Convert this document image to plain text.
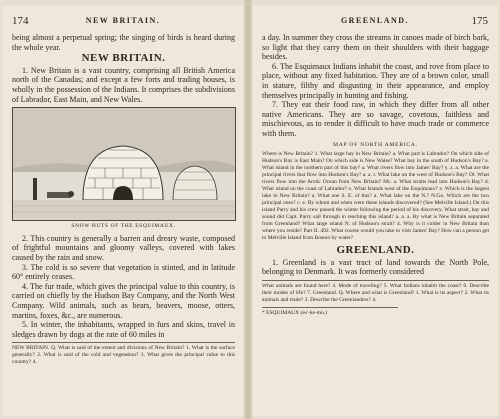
174	NEW BRITAIN.

being almost a perpetual spring; the singing of birds is heard during the whole year.

NEW BRITAIN.

1. New Britain is a vast country, comprising all British America north of the Canadas; and except a few forts and trading houses, is wholly in the possession of the Indians. It comprises the subdivisions of Labrador, East Main, and New Wales.

SNOW HUTS OF THE ESQUIMAUX.

2. This country is generally a barren and dreary waste, composed of frightful mountains and gloomy valleys, covered with lakes caused by the rain and snow.

3. The cold is so severe that vegetation is stinted, and in latitude 60° entirely ceases.

4. The fur trade, which gives the principal value to this country, is carried on chiefly by the Hudson Bay Company, and the North West Company. Wild animals, such as bears, beavers, moose, otters, martins, foxes, &c., are numerous.

5. In winter, the inhabitants, wrapped in furs and skins, travel in sledges drawn by dogs at the rate of 60 miles in

NEW BRITAIN. Q. What is said of the extent and divisions of New Britain? 1. What is the surface generally? 2. What is said of the cold and vegetation? 3. What gives the principal value to this country? 4.
GREENLAND.	175

a day. In summer they cross the streams in canoes made of birch bark, so light that they carry them on their shoulders with their baggage besides.

6. The Esquimaux Indians inhabit the coast, and rove from place to place, without any fixed habitation. They are of a brown color, small in stature, filthy and disgusting in their appearance, and employ themselves principally in hunting and fishing.

7. They eat their food raw, in which they differ from all other native Americans. They are so savage, covetous, faithless and mischievous, as to render it difficult to have much trade or commerce with them.

MAP OF NORTH AMERICA.
Where is New Britain? 1. What large bay in New Britain? a. What part is Labrador? On which side of Hudson's Bay is East Main? On which side is New Wales? What bay in the south of Hudson's Bay? a. What island in the northern part of this bay? a. What rivers flow into James' Bay? y. z. a. What are the principal rivers that flow into Hudson's Bay? a. a. t. What lake on the west of Hudson's Bay? Ol. What rivers flow into the Arctic Ocean from New Britain? Mc. a. What straits lead into Hudson's Bay? d. What island on the coast of Labrador? x. What Islands west of the Esquimaux? x. Which is the largest lake in New Britain? a. What one S. E. of this? a. What lake on the N.? N.Gn. Which are the two principal ones? c. e. By whom and when were these islands discovered? (See Melville Island.) On this island Parry and his crew passed the winter following the period of his discovery. What strait, bay and sound did Capt. Parry sail through in reaching this island? a. a. a. By what is New Britain separated from Greenland? What large island N. of Hudson's strait? 4. Why is it colder in New Britain than where you reside? Part II. 492. What course would you take to visit James' Bay? How can a person get to Melville Island from Boston by water?
GREENLAND.

1. Greenland is a vast tract of land towards the North Pole, belonging to Denmark. It was formerly considered

What animals are found here? 4. Mode of traveling? 5. What Indians inhabit the coast? 6. Describe their modes of life? 7. Greenland. Q. Where and what is Greenland? 1. What is its aspect? 2. What its animals and trade? 3. Describe the Greenlanders? 4.
* ESQUIMAUX (es'-ke-mo.)
